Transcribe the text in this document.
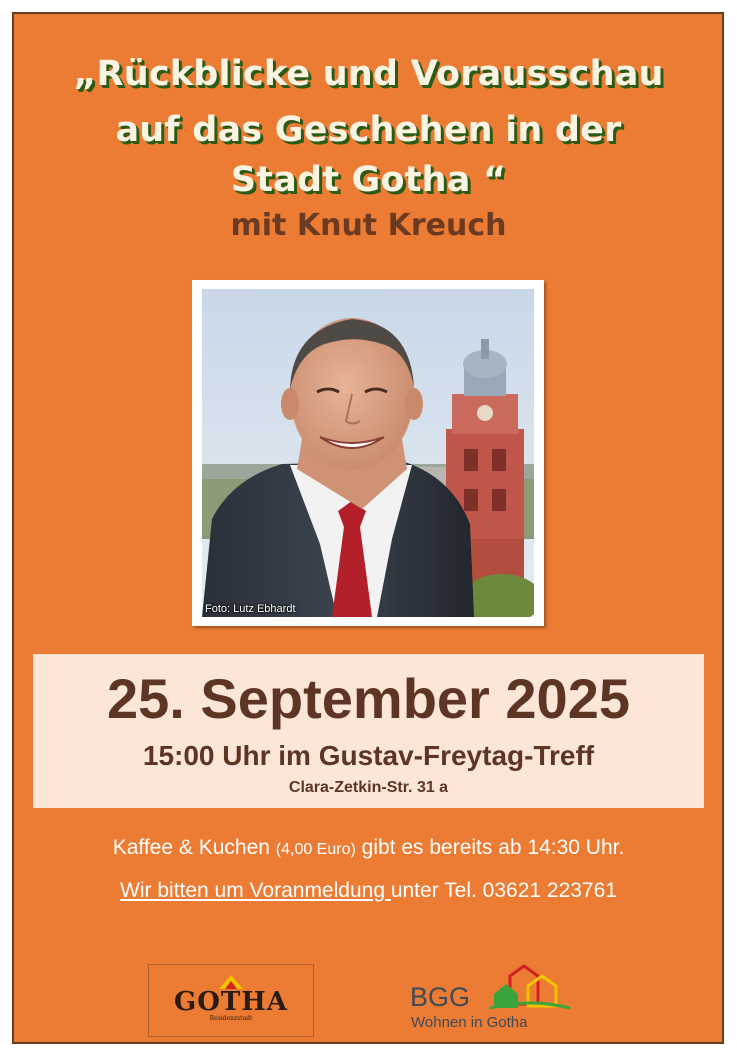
„Rückblicke und Vorausschau
auf das Geschehen in der
Stadt Gotha “
mit Knut Kreuch
Foto: Lutz Ebhardt
25. September 2025
15:00 Uhr im Gustav-Freytag-Treff
Clara-Zetkin-Str. 31 a
Kaffee & Kuchen (4,00 Euro) gibt es bereits ab 14:30 Uhr.
Wir bitten um Voranmeldung unter Tel. 03621 223761
GOTHA
Residenzstadt
BGG
Wohnen in Gotha
